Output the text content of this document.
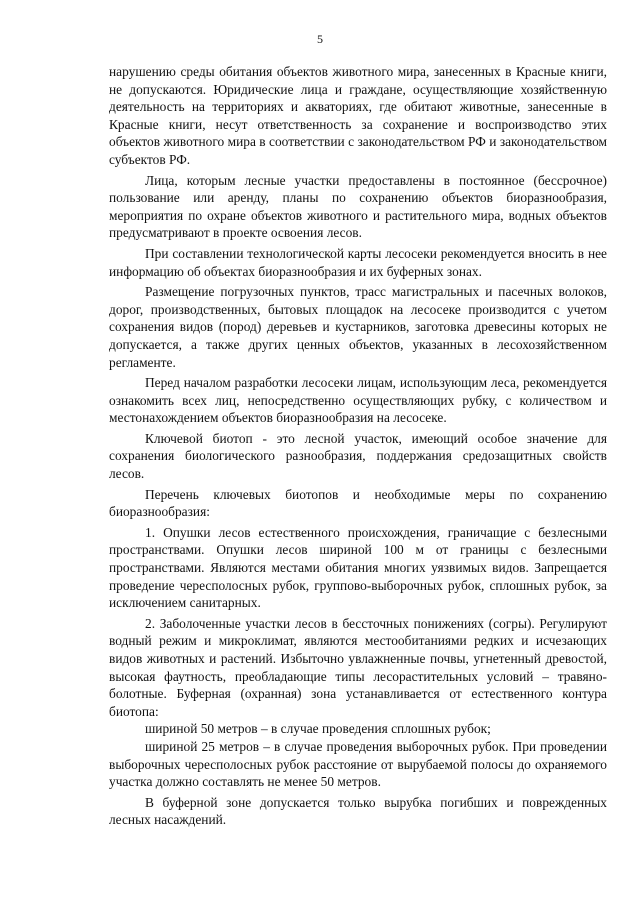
5

нарушению среды обитания объектов животного мира, занесенных в Красные книги, не допускаются. Юридические лица и граждане, осуществляющие хозяйственную деятельность на территориях и акваториях, где обитают животные, занесенные в Красные книги, несут ответственность за сохранение и воспроизводство этих объектов животного мира в соответствии с законодательством РФ и законодательством субъектов РФ.

Лица, которым лесные участки предоставлены в постоянное (бессрочное) пользование или аренду, планы по сохранению объектов биоразнообразия, мероприятия по охране объектов животного и растительного мира, водных объектов предусматривают в проекте освоения лесов.

При составлении технологической карты лесосеки рекомендуется вносить в нее информацию об объектах биоразнообразия и их буферных зонах.

Размещение погрузочных пунктов, трасс магистральных и пасечных волоков, дорог, производственных, бытовых площадок на лесосеке производится с учетом сохранения видов (пород) деревьев и кустарников, заготовка древесины которых не допускается, а также других ценных объектов, указанных в лесохозяйственном регламенте.

Перед началом разработки лесосеки лицам, использующим леса, рекомендуется ознакомить всех лиц, непосредственно осуществляющих рубку, с количеством и местонахождением объектов биоразнообразия на лесосеке.

Ключевой биотоп - это лесной участок, имеющий особое значение для сохранения биологического разнообразия, поддержания средозащитных свойств лесов.

Перечень ключевых биотопов и необходимые меры по сохранению биоразнообразия:

1. Опушки лесов естественного происхождения, граничащие с безлесными пространствами. Опушки лесов шириной 100 м от границы с безлесными пространствами. Являются местами обитания многих уязвимых видов. Запрещается проведение чересполосных рубок, группово-выборочных рубок, сплошных рубок, за исключением санитарных.

2. Заболоченные участки лесов в бессточных понижениях (согры). Регулируют водный режим и микроклимат, являются местообитаниями редких и исчезающих видов животных и растений. Избыточно увлажненные почвы, угнетенный древостой, высокая фаутность, преобладающие типы лесорастительных условий – травяно-болотные. Буферная (охранная) зона устанавливается от естественного контура биотопа:

шириной 50 метров – в случае проведения сплошных рубок;

шириной 25 метров – в случае проведения выборочных рубок. При проведении выборочных чересполосных рубок расстояние от вырубаемой полосы до охраняемого участка должно составлять не менее 50 метров.

В буферной зоне допускается только вырубка погибших и поврежденных лесных насаждений.
